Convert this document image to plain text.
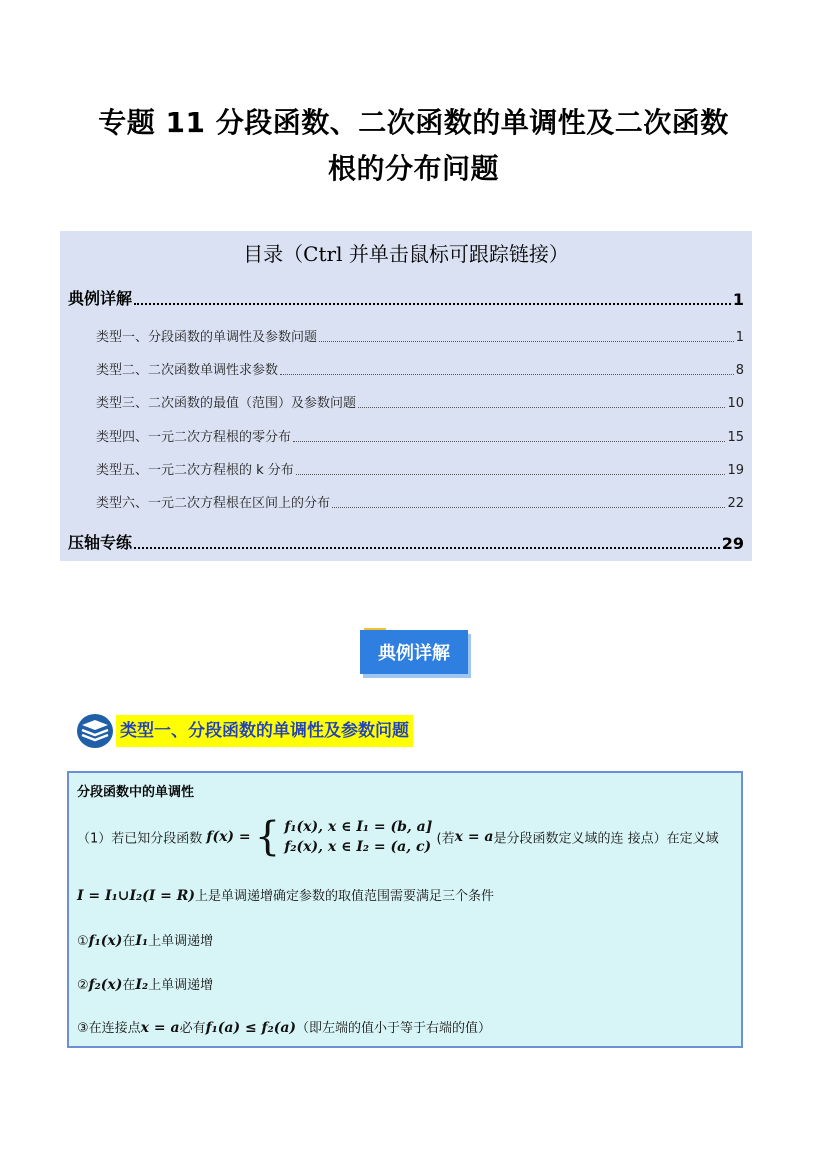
专题 11 分段函数、二次函数的单调性及二次函数
根的分布问题
目录（Ctrl 并单击鼠标可跟踪链接）
典例详解	1
类型一、分段函数的单调性及参数问题	1
类型二、二次函数单调性求参数	8
类型三、二次函数的最值（范围）及参数问题	10
类型四、一元二次方程根的零分布	15
类型五、一元二次方程根的 k 分布	19
类型六、一元二次方程根在区间上的分布	22
压轴专练	29
典例详解
类型一、分段函数的单调性及参数问题
分段函数中的单调性
（1）若已知分段函数 f(x) = { f₁(x), x ∈ I₁ = (b, a]
f₂(x), x ∈ I₂ = (a, c) (若x = a是分段函数定义域的连 接点）在定义域
I = I₁∪I₂(I = R)上是单调递增确定参数的取值范围需要满足三个条件
①f₁(x)在I₁上单调递增
②f₂(x)在I₂上单调递增
③在连接点x = a必有f₁(a) ≤ f₂(a)（即左端的值小于等于右端的值）
